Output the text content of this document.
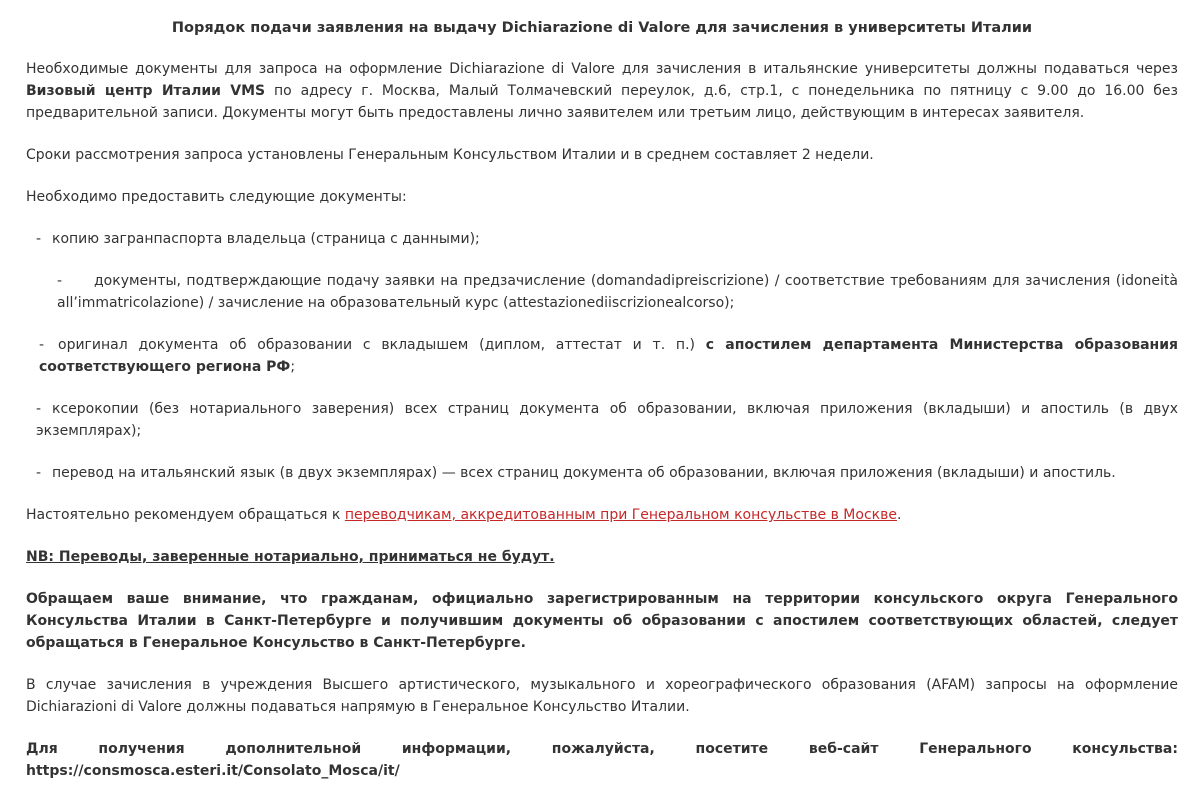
Порядок подачи заявления на выдачу Dichiarazione di Valore для зачисления в университеты Италии

Необходимые документы для запроса на оформление Dichiarazione di Valore для зачисления в итальянские университеты должны подаваться через Визовый центр Италии VMS по адресу г. Москва, Малый Толмачевский переулок, д.6, стр.1, с понедельника по пятницу с 9.00 до 16.00 без предварительной записи. Документы могут быть предоставлены лично заявителем или третьим лицо, действующим в интересах заявителя.

Сроки рассмотрения запроса установлены Генеральным Консульством Италии и в среднем составляет 2 недели.

Необходимо предоставить следующие документы:

- копию загранпаспорта владельца (страница с данными);

- документы, подтверждающие подачу заявки на предзачисление (domandadipreiscrizione) / соответствие требованиям для зачисления (idoneità all’immatricolazione) / зачисление на образовательный курс (attestazionediiscrizionealcorso);

- оригинал документа об образовании с вкладышем (диплом, аттестат и т. п.) с апостилем департамента Министерства образования соответствующего региона РФ;

- ксерокопии (без нотариального заверения) всех страниц документа об образовании, включая приложения (вкладыши) и апостиль (в двух экземплярах);

- перевод на итальянский язык (в двух экземплярах) — всех страниц документа об образовании, включая приложения (вкладыши) и апостиль.

Настоятельно рекомендуем обращаться к переводчикам, аккредитованным при Генеральном консульстве в Москве.

NB: Переводы, заверенные нотариально, приниматься не будут.

Обращаем ваше внимание, что гражданам, официально зарегистрированным на территории консульского округа Генерального Консульства Италии в Санкт-Петербурге и получившим документы об образовании с апостилем соответствующих областей, следует обращаться в Генеральное Консульство в Санкт-Петербурге.

В случае зачисления в учреждения Высшего артистического, музыкального и хореографического образования (AFAM) запросы на оформление Dichiarazioni di Valore должны подаваться напрямую в Генеральное Консульство Италии.

Для	получения	дополнительной	информации,	пожалуйста,	посетите	веб-сайт	Генерального	консульства:
https://consmosca.esteri.it/Consolato_Mosca/it/
